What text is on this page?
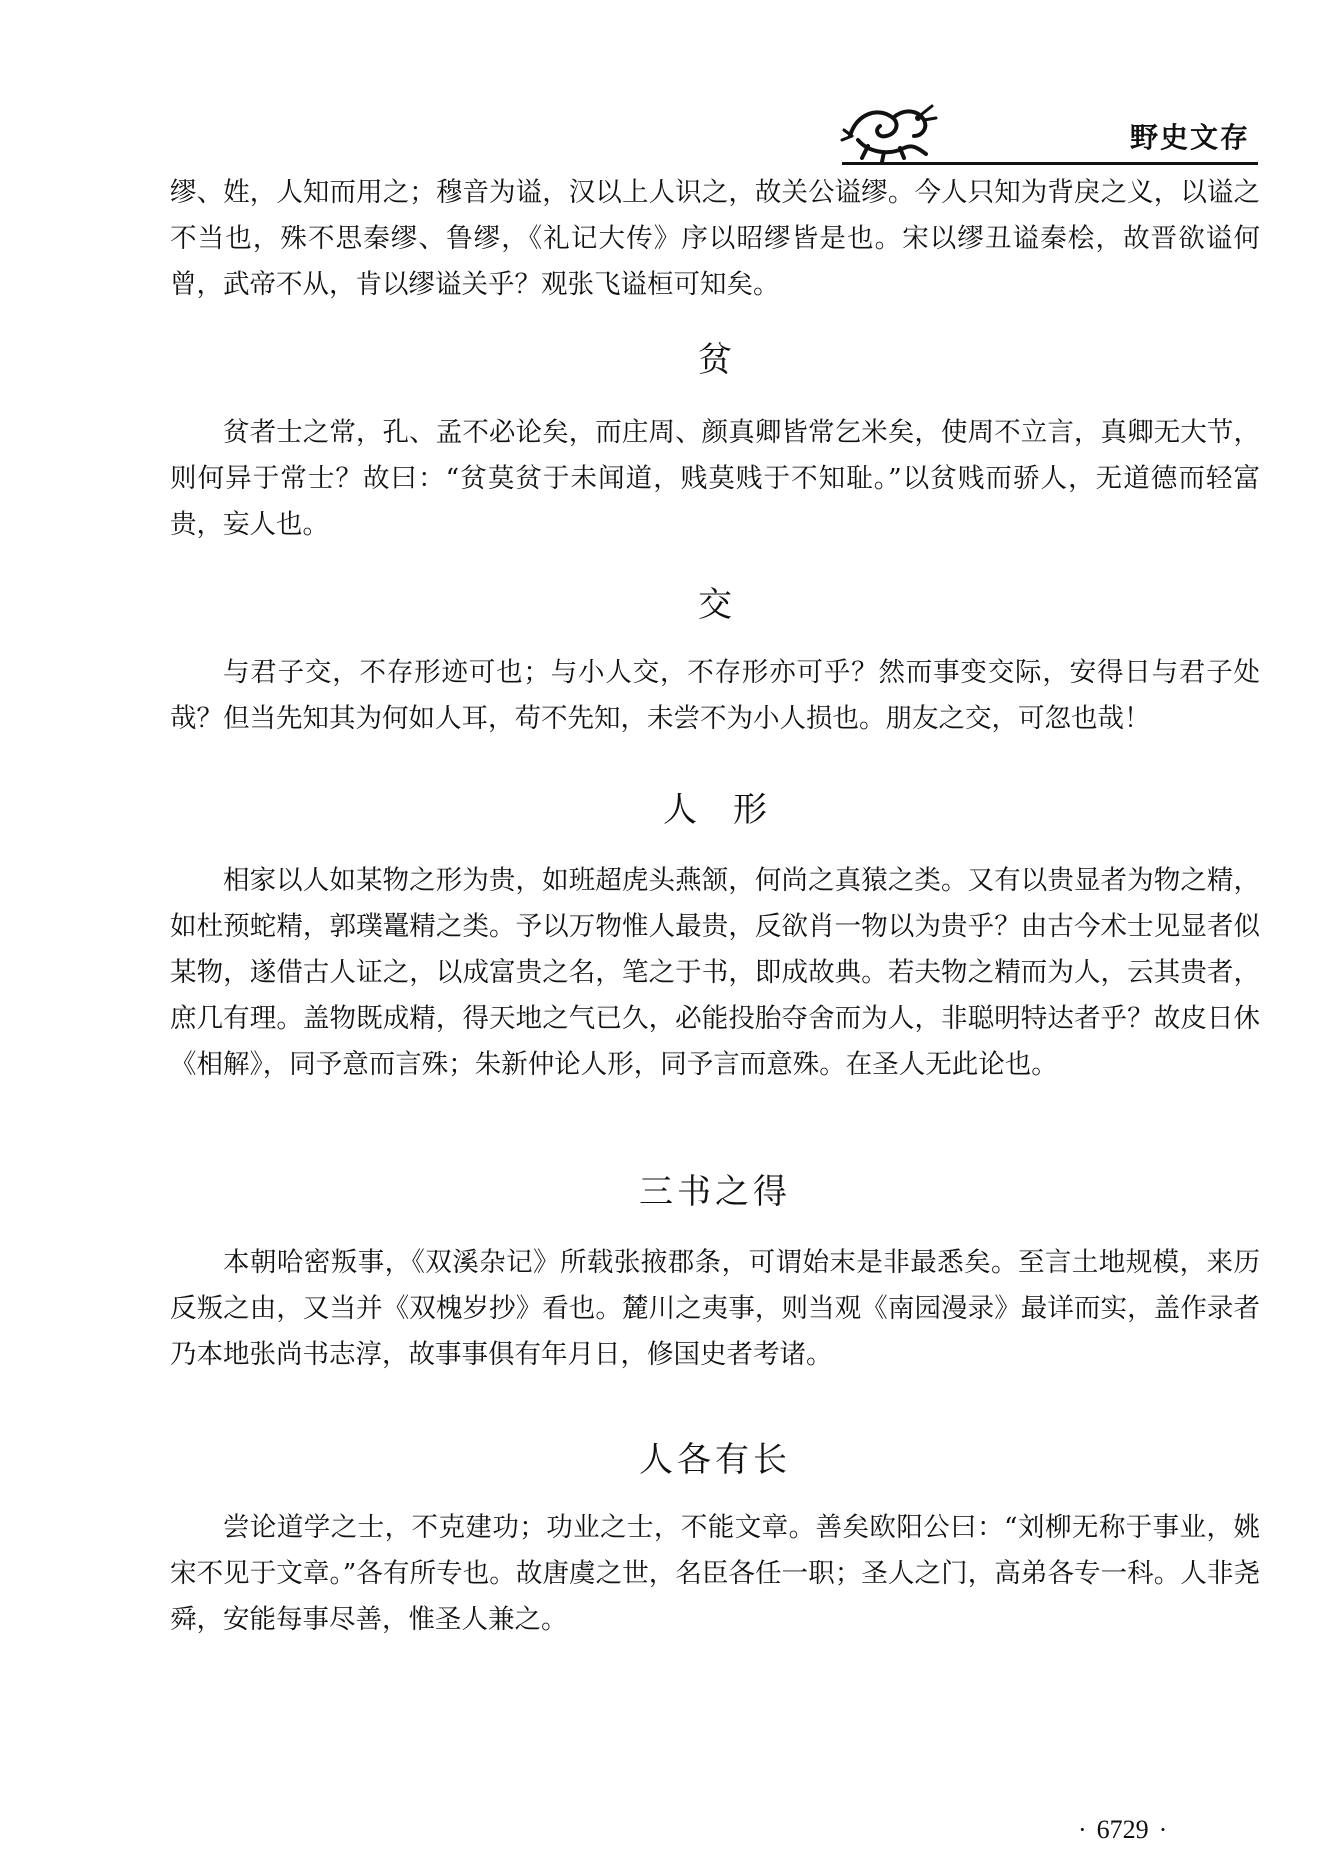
野史文存
缪、姓，人知而用之；穆音为谥，汉以上人识之，故关公谥缪。今人只知为背戾之义，以谥之不当也，殊不思秦缪、鲁缪，《礼记大传》序以昭缪皆是也。宋以缪丑谥秦桧，故晋欲谥何曾，武帝不从，肯以缪谥关乎？观张飞谥桓可知矣。
贫
贫者士之常，孔、孟不必论矣，而庄周、颜真卿皆常乞米矣，使周不立言，真卿无大节，则何异于常士？故曰：“贫莫贫于未闻道，贱莫贱于不知耻。”以贫贱而骄人，无道德而轻富贵，妄人也。
交
与君子交，不存形迹可也；与小人交，不存形亦可乎？然而事变交际，安得日与君子处哉？但当先知其为何如人耳，苟不先知，未尝不为小人损也。朋友之交，可忽也哉！
人形
相家以人如某物之形为贵，如班超虎头燕颔，何尚之真猿之类。又有以贵显者为物之精，如杜预蛇精，郭璞鼍精之类。予以万物惟人最贵，反欲肖一物以为贵乎？由古今术士见显者似某物，遂借古人证之，以成富贵之名，笔之于书，即成故典。若夫物之精而为人，云其贵者，庶几有理。盖物既成精，得天地之气已久，必能投胎夺舍而为人，非聪明特达者乎？故皮日休《相解》，同予意而言殊；朱新仲论人形，同予言而意殊。在圣人无此论也。
三书之得
本朝哈密叛事，《双溪杂记》所载张掖郡条，可谓始末是非最悉矣。至言土地规模，来历反叛之由，又当并《双槐岁抄》看也。麓川之夷事，则当观《南园漫录》最详而实，盖作录者乃本地张尚书志淳，故事事俱有年月日，修国史者考诸。
人各有长
尝论道学之士，不克建功；功业之士，不能文章。善矣欧阳公曰：“刘柳无称于事业，姚宋不见于文章。”各有所专也。故唐虞之世，名臣各任一职；圣人之门，高弟各专一科。人非尧舜，安能每事尽善，惟圣人兼之。
· 6729 ·
